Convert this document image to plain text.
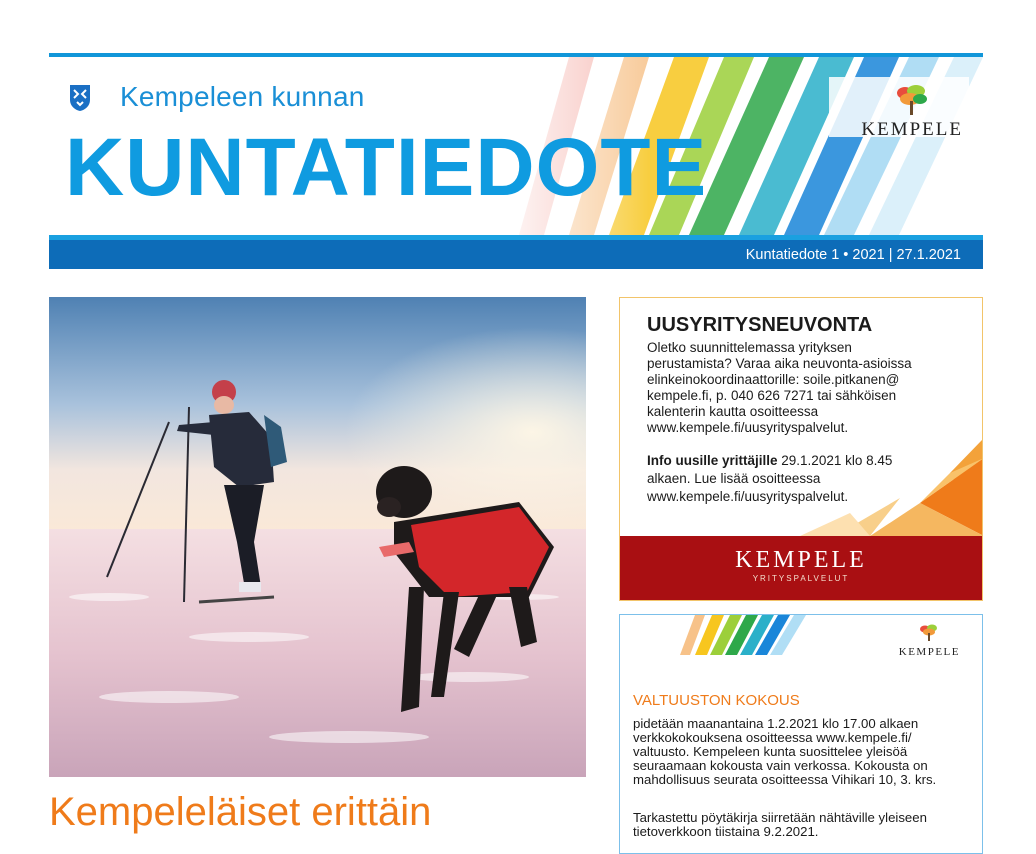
Kempeleen kunnan
KUNTATIEDOTE	KEMPELE
Kuntatiedote 1 • 2021 | 27.1.2021
Kempeleläiset erittäin
UUSYRITYSNEUVONTA
Oletko suunnittelemassa yrityksen perustamista? Varaa aika neuvonta-asioissa elinkeinokoordinaattorille: soile.pitkanen@ kempele.fi, p. 040 626 7271 tai sähköisen kalenterin kautta osoitteessa www.kempele.fi/uusyrityspalvelut.
Info uusille yrittäjille 29.1.2021 klo 8.45 alkaen. Lue lisää osoitteessa www.kempele.fi/uusyrityspalvelut.
KEMPELE
YRITYSPALVELUT
KEMPELE
VALTUUSTON KOKOUS
pidetään maanantaina 1.2.2021 klo 17.00 alkaen verkkokokouksena osoitteessa www.kempele.fi/ valtuusto. Kempeleen kunta suosittelee yleisöä seuraamaan kokousta vain verkossa. Kokousta on mahdollisuus seurata osoitteessa Vihikari 10, 3. krs.
Tarkastettu pöytäkirja siirretään nähtäville yleiseen tietoverkkoon tiistaina 9.2.2021.
